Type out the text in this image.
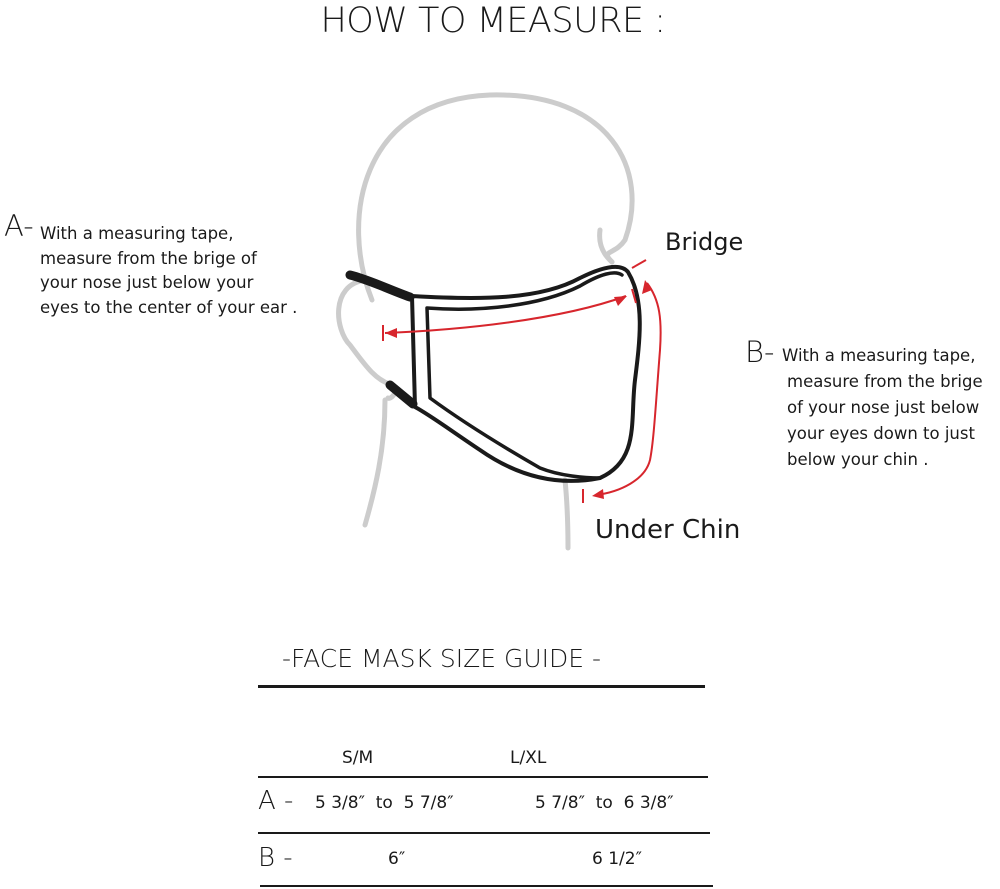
HOW TO MEASURE :
A- With a measuring tape,
measure from the brige of
your nose just below your
eyes to the center of your ear .
Bridge
Under Chin
B- With a measuring tape,
measure from the brige
of your nose just below
your eyes down to just
below your chin .
-FACE MASK SIZE GUIDE -
S/M	L/XL
A - 5 3/8″  to  5 7/8″	5 7/8″  to  6 3/8″
B -	6″	6 1/2″
